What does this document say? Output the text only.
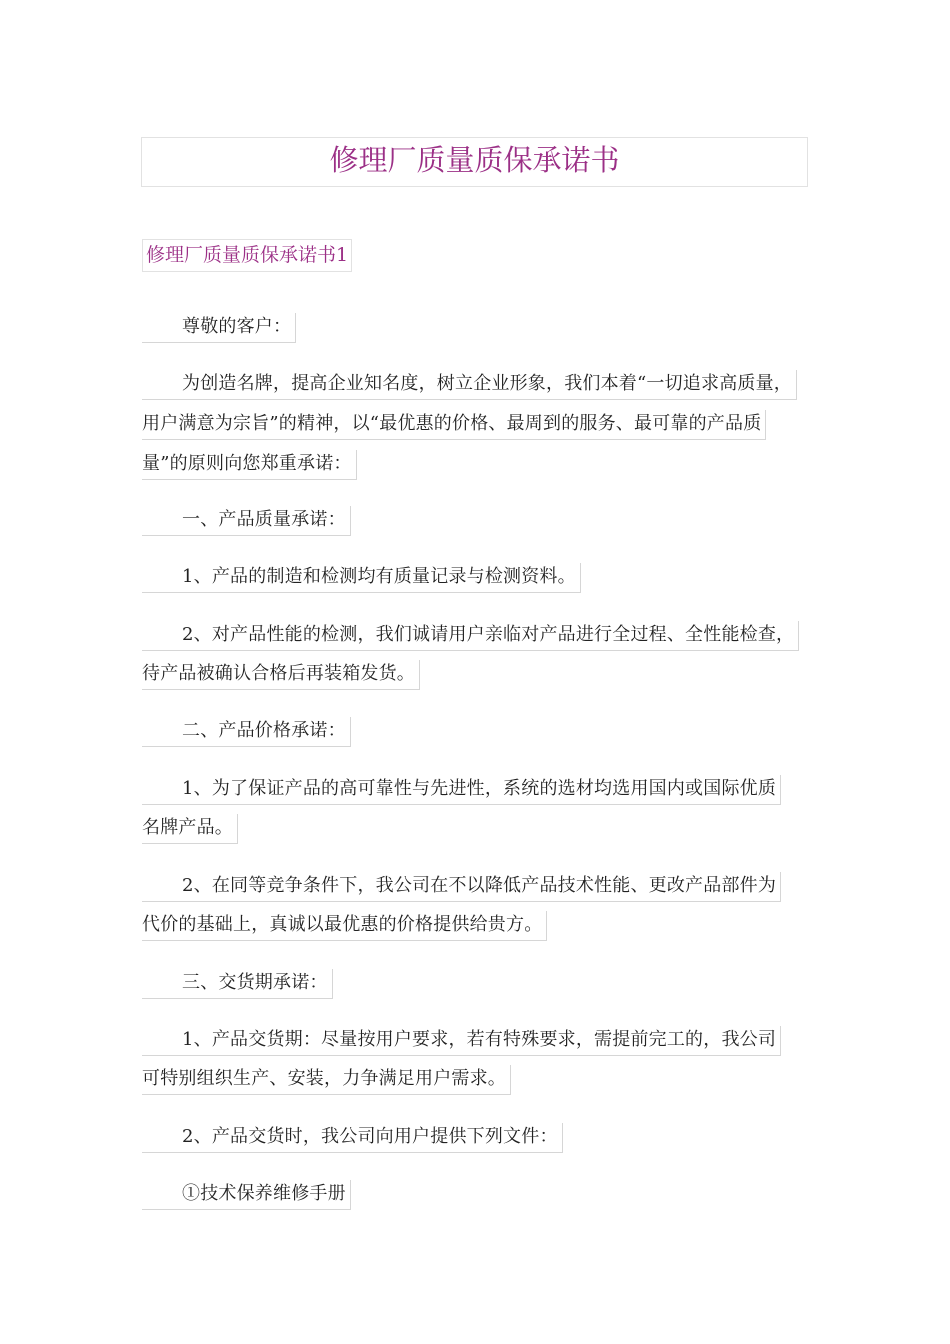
修理厂质量质保承诺书
修理厂质量质保承诺书1
尊敬的客户：
为创造名牌，提高企业知名度，树立企业形象，我们本着“一切追求高质量，
用户满意为宗旨”的精神，以“最优惠的价格、最周到的服务、最可靠的产品质
量”的原则向您郑重承诺：
一、产品质量承诺：
1、产品的制造和检测均有质量记录与检测资料。
2、对产品性能的检测，我们诚请用户亲临对产品进行全过程、全性能检查，
待产品被确认合格后再装箱发货。
二、产品价格承诺：
1、为了保证产品的高可靠性与先进性，系统的选材均选用国内或国际优质
名牌产品。
2、在同等竞争条件下，我公司在不以降低产品技术性能、更改产品部件为
代价的基础上，真诚以最优惠的价格提供给贵方。
三、交货期承诺：
1、产品交货期：尽量按用户要求，若有特殊要求，需提前完工的，我公司
可特别组织生产、安装，力争满足用户需求。
2、产品交货时，我公司向用户提供下列文件：
①技术保养维修手册
